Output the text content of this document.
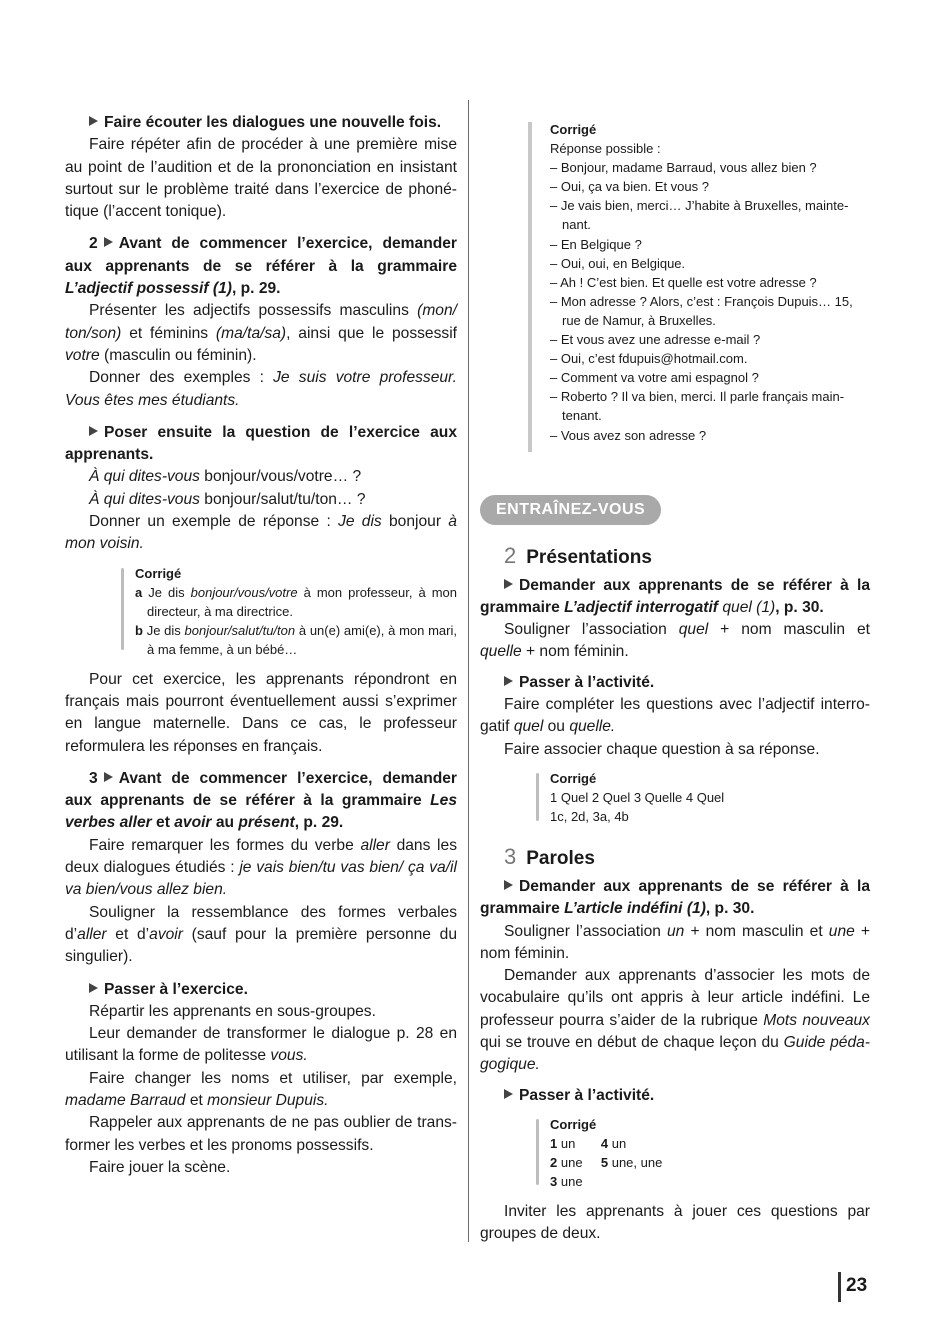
Faire écouter les dialogues une nouvelle fois.

Faire répéter afin de procéder à une première mise au point de l’audition et de la prononciation en insistant surtout sur le problème traité dans l’exercice de phonétique (l’accent tonique).

2 Avant de commencer l’exercice, demander aux apprenants de se référer à la grammaire L’adjectif possessif (1), p. 29.

Présenter les adjectifs possessifs masculins (mon/ ton/son) et féminins (ma/ta/sa), ainsi que le possessif votre (masculin ou féminin).

Donner des exemples : Je suis votre professeur. Vous êtes mes étudiants.

Poser ensuite la question de l’exercice aux apprenants.

À qui dites-vous bonjour/vous/votre… ?

À qui dites-vous bonjour/salut/tu/ton… ?

Donner un exemple de réponse : Je dis bonjour à mon voisin.

Corrigé

a Je dis bonjour/vous/votre à mon professeur, à mon directeur, à ma directrice.

b Je dis bonjour/salut/tu/ton à un(e) ami(e), à mon mari, à ma femme, à un bébé…

Pour cet exercice, les apprenants répondront en français mais pourront éventuellement aussi s’exprimer en langue maternelle. Dans ce cas, le professeur reformulera les réponses en français.

3 Avant de commencer l’exercice, demander aux apprenants de se référer à la grammaire Les verbes aller et avoir au présent, p. 29.

Faire remarquer les formes du verbe aller dans les deux dialogues étudiés : je vais bien/tu vas bien/ ça va/il va bien/vous allez bien.

Souligner la ressemblance des formes verbales d’aller et d’avoir (sauf pour la première personne du singulier).

Passer à l’exercice.

Répartir les apprenants en sous-groupes.

Leur demander de transformer le dialogue p. 28 en utilisant la forme de politesse vous.

Faire changer les noms et utiliser, par exemple, madame Barraud et monsieur Dupuis.

Rappeler aux apprenants de ne pas oublier de transformer les verbes et les pronoms possessifs.

Faire jouer la scène.

Corrigé

Réponse possible :

– Bonjour, madame Barraud, vous allez bien ?

– Oui, ça va bien. Et vous ?

– Je vais bien, merci… J’habite à Bruxelles, maintenant.

– En Belgique ?

– Oui, oui, en Belgique.

– Ah ! C’est bien. Et quelle est votre adresse ?

– Mon adresse ? Alors, c’est : François Dupuis… 15, rue de Namur, à Bruxelles.

– Et vous avez une adresse e-mail ?

– Oui, c’est fdupuis@hotmail.com.

– Comment va votre ami espagnol ?

– Roberto ? Il va bien, merci. Il parle français maintenant.

– Vous avez son adresse ?

ENTRAÎNEZ-VOUS
2 Présentations

Demander aux apprenants de se référer à la grammaire L’adjectif interrogatif quel (1), p. 30.

Souligner l’association quel + nom masculin et quelle + nom féminin.

Passer à l’activité.

Faire compléter les questions avec l’adjectif interrogatif quel ou quelle.

Faire associer chaque question à sa réponse.

Corrigé

1 Quel 2 Quel 3 Quelle 4 Quel

1c, 2d, 3a, 4b

3 Paroles

Demander aux apprenants de se référer à la grammaire L’article indéfini (1), p. 30.

Souligner l’association un + nom masculin et une + nom féminin.

Demander aux apprenants d’associer les mots de vocabulaire qu’ils ont appris à leur article indéfini. Le professeur pourra s’aider de la rubrique Mots nouveaux qui se trouve en début de chaque leçon du Guide pédagogique.

Passer à l’activité.

Corrigé

1 un 4 un

2 une 5 une, une

3 une

Inviter les apprenants à jouer ces questions par groupes de deux.

23
